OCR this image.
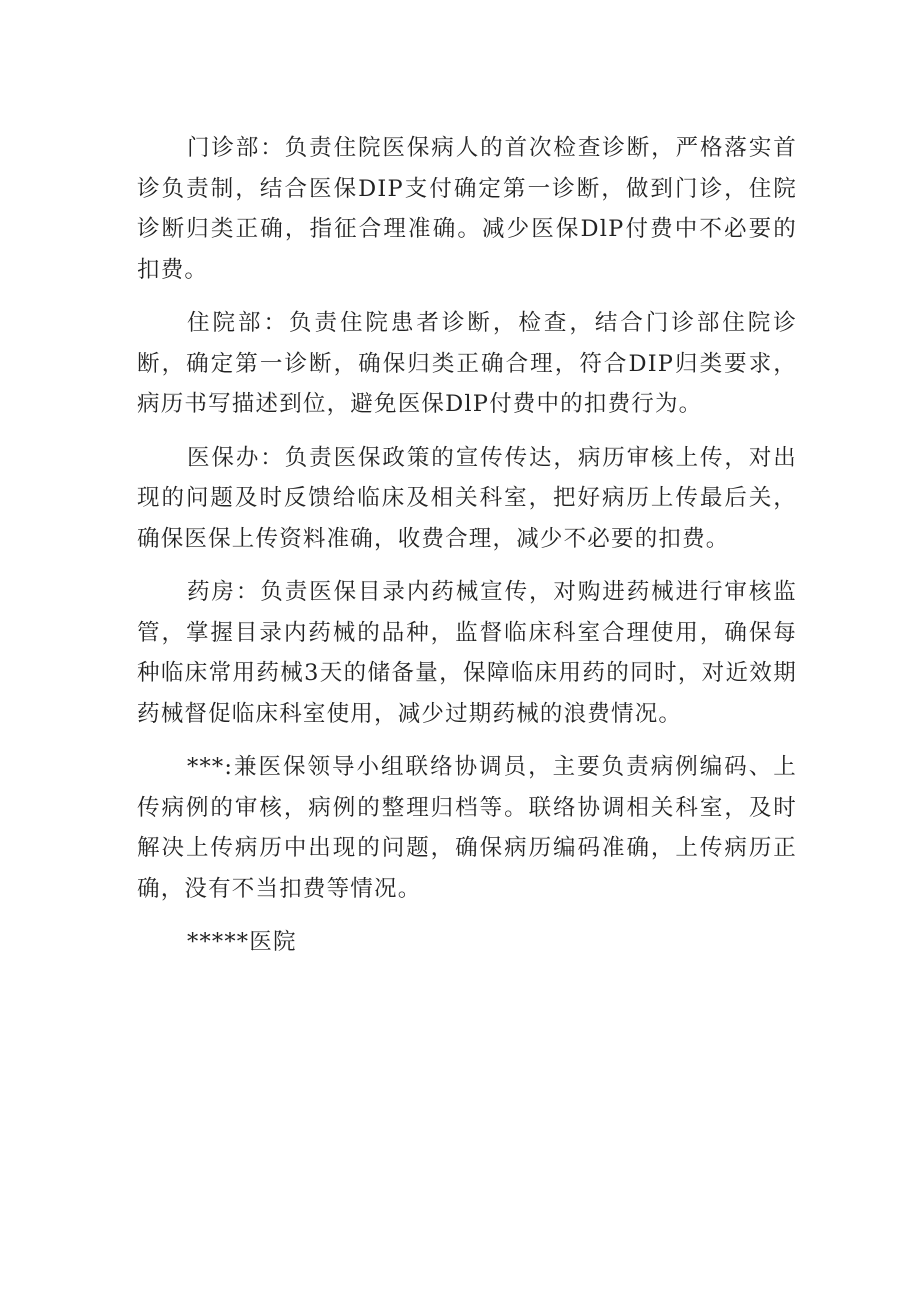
门诊部：负责住院医保病人的首次检查诊断，严格落实首诊负责制，结合医保DIP支付确定第一诊断，做到门诊，住院诊断归类正确，指征合理准确。减少医保DlP付费中不必要的扣费。

住院部：负责住院患者诊断，检查，结合门诊部住院诊断，确定第一诊断，确保归类正确合理，符合DIP归类要求，病历书写描述到位，避免医保DlP付费中的扣费行为。

医保办：负责医保政策的宣传传达，病历审核上传，对出现的问题及时反馈给临床及相关科室，把好病历上传最后关，确保医保上传资料准确，收费合理，减少不必要的扣费。

药房：负责医保目录内药械宣传，对购进药械进行审核监管，掌握目录内药械的品种，监督临床科室合理使用，确保每种临床常用药械3天的储备量，保障临床用药的同时，对近效期药械督促临床科室使用，减少过期药械的浪费情况。

***:兼医保领导小组联络协调员，主要负责病例编码、上传病例的审核，病例的整理归档等。联络协调相关科室，及时解决上传病历中出现的问题，确保病历编码准确，上传病历正确，没有不当扣费等情况。

*****医院
